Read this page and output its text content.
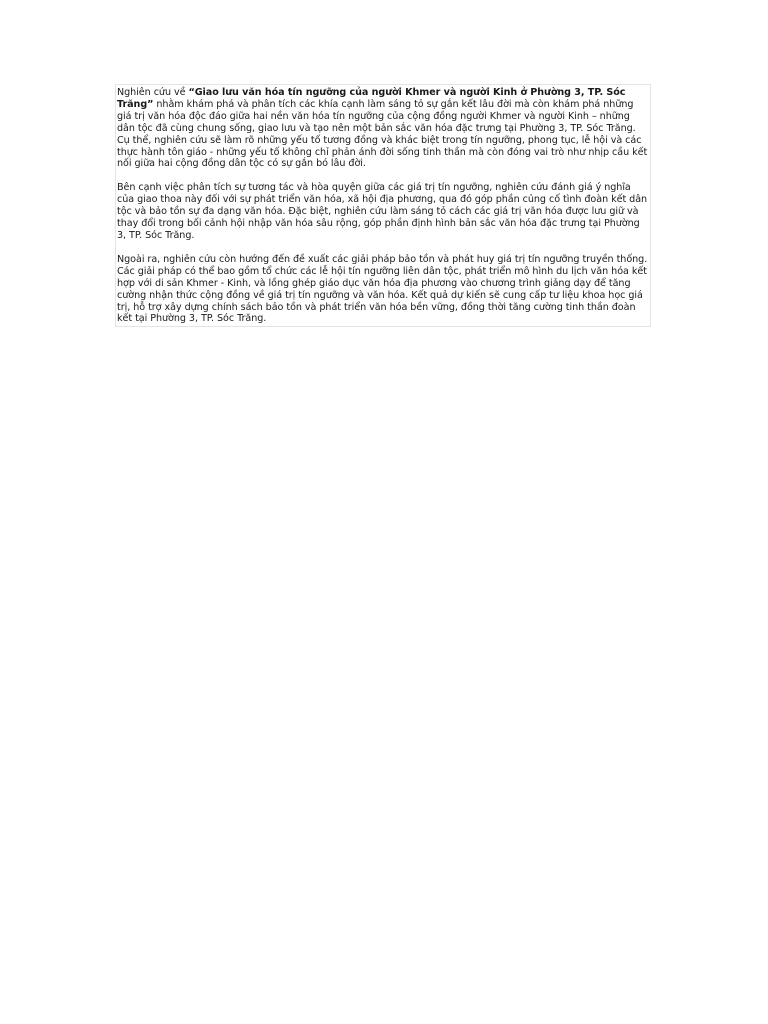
Nghiên cứu về “Giao lưu văn hóa tín ngưỡng của người Khmer và người Kinh ở Phường 3, TP. Sóc Trăng” nhằm khám phá và phân tích các khía cạnh làm sáng tỏ sự gắn kết lâu đời mà còn khám phá những giá trị văn hóa độc đáo giữa hai nền văn hóa tín ngưỡng của cộng đồng người Khmer và người Kinh – những dân tộc đã cùng chung sống, giao lưu và tạo nên một bản sắc văn hóa đặc trưng tại Phường 3, TP. Sóc Trăng. Cụ thể, nghiên cứu sẽ làm rõ những yếu tố tương đồng và khác biệt trong tín ngưỡng, phong tục, lễ hội và các thực hành tôn giáo - những yếu tố không chỉ phản ánh đời sống tinh thần mà còn đóng vai trò như nhịp cầu kết nối giữa hai cộng đồng dân tộc có sự gắn bó lâu đời.

Bên cạnh việc phân tích sự tương tác và hòa quyện giữa các giá trị tín ngưỡng, nghiên cứu đánh giá ý nghĩa của giao thoa này đối với sự phát triển văn hóa, xã hội địa phương, qua đó góp phần củng cố tình đoàn kết dân tộc và bảo tồn sự đa dạng văn hóa. Đặc biệt, nghiên cứu làm sáng tỏ cách các giá trị văn hóa được lưu giữ và thay đổi trong bối cảnh hội nhập văn hóa sâu rộng, góp phần định hình bản sắc văn hóa đặc trưng tại Phường 3, TP. Sóc Trăng.

Ngoài ra, nghiên cứu còn hướng đến đề xuất các giải pháp bảo tồn và phát huy giá trị tín ngưỡng truyền thống. Các giải pháp có thể bao gồm tổ chức các lễ hội tín ngưỡng liên dân tộc, phát triển mô hình du lịch văn hóa kết hợp với di sản Khmer - Kinh, và lồng ghép giáo dục văn hóa địa phương vào chương trình giảng dạy để tăng cường nhận thức cộng đồng về giá trị tín ngưỡng và văn hóa. Kết quả dự kiến sẽ cung cấp tư liệu khoa học giá trị, hỗ trợ xây dựng chính sách bảo tồn và phát triển văn hóa bền vững, đồng thời tăng cường tinh thần đoàn kết tại Phường 3, TP. Sóc Trăng.
